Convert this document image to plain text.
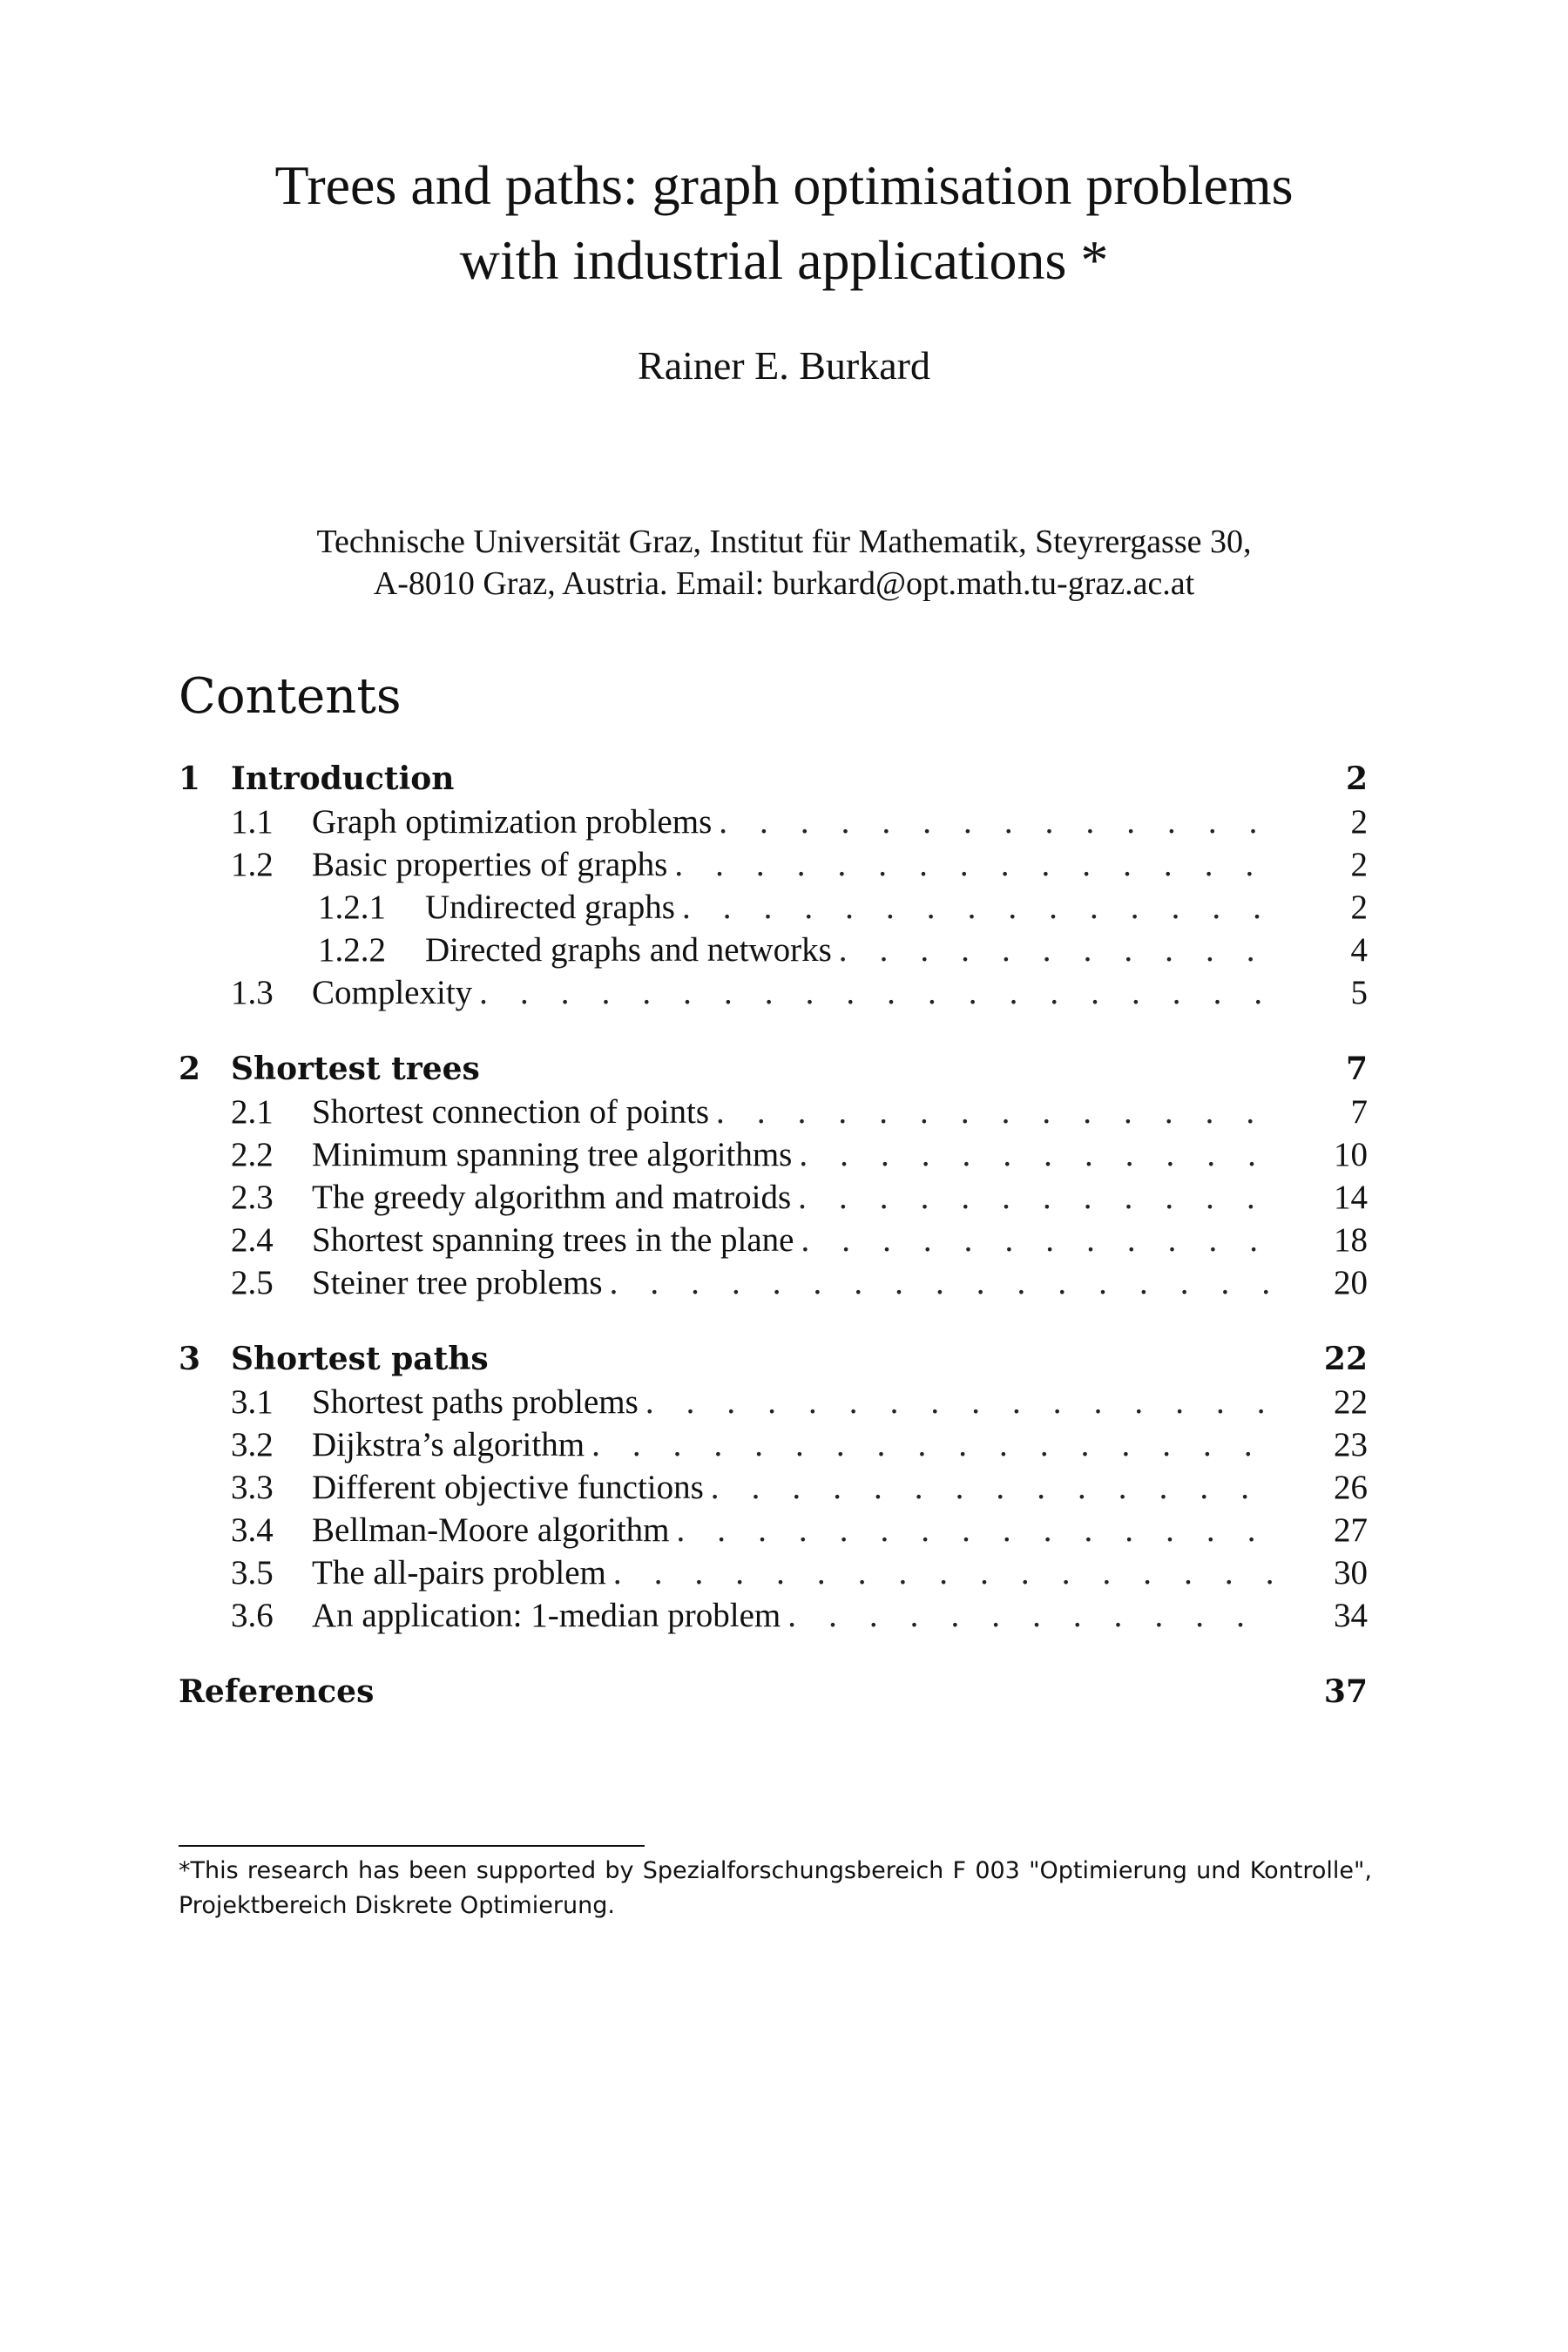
Trees and paths: graph optimisation problems
with industrial applications *
Rainer E. Burkard
Technische Universität Graz, Institut für Mathematik, Steyrergasse 30,
A-8010 Graz, Austria. Email: burkard@opt.math.tu-graz.ac.at
Contents
1 Introduction	2
1.1 Graph optimization problems . . .	2
1.2 Basic properties of graphs . . .	2
1.2.1 Undirected graphs . . .	2
1.2.2 Directed graphs and networks . . .	4
1.3 Complexity . . .	5
2 Shortest trees	7
2.1 Shortest connection of points . . .	7
2.2 Minimum spanning tree algorithms . . .	10
2.3 The greedy algorithm and matroids . . .	14
2.4 Shortest spanning trees in the plane . . .	18
2.5 Steiner tree problems . . .	20
3 Shortest paths	22
3.1 Shortest paths problems . . .	22
3.2 Dijkstra’s algorithm . . .	23
3.3 Different objective functions . . .	26
3.4 Bellman-Moore algorithm . . .	27
3.5 The all-pairs problem . . .	30
3.6 An application: 1-median problem . . .	34
References	37
*This research has been supported by Spezialforschungsbereich F 003 "Optimierung und Kontrolle", Projektbereich Diskrete Optimierung.
